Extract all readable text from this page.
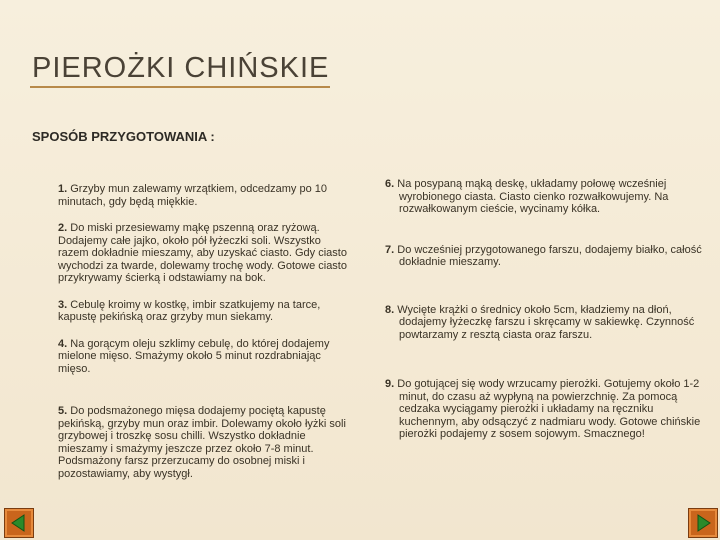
PIEROŻKI CHIŃSKIE
SPOSÓB PRZYGOTOWANIA :

1. Grzyby mun zalewamy wrzątkiem, odcedzamy po 10 minutach, gdy będą miękkie.

2. Do miski przesiewamy mąkę pszenną oraz ryżową. Dodajemy całe jajko, około pół łyżeczki soli. Wszystko razem dokładnie mieszamy, aby uzyskać ciasto. Gdy ciasto wychodzi za twarde, dolewamy trochę wody. Gotowe ciasto przykrywamy ścierką i odstawiamy na bok.

3. Cebulę kroimy w kostkę, imbir szatkujemy na tarce, kapustę pekińską oraz grzyby mun siekamy.

4. Na gorącym oleju szklimy cebulę, do której dodajemy mielone mięso. Smażymy około 5 minut rozdrabniając mięso.

5. Do podsmażonego mięsa dodajemy pociętą kapustę pekińską, grzyby mun oraz imbir. Dolewamy około łyżki soli grzybowej i troszkę sosu chilli. Wszystko dokładnie mieszamy i smażymy jeszcze przez około 7-8 minut. Podsmażony farsz przerzucamy do osobnej miski i pozostawiamy, aby wystygł.

6. Na posypaną mąką deskę, układamy połowę wcześniej wyrobionego ciasta. Ciasto cienko rozwałkowujemy. Na rozwałkowanym cieście, wycinamy kółka.

7. Do wcześniej przygotowanego farszu, dodajemy białko, całość dokładnie mieszamy.

8. Wycięte krążki o średnicy około 5cm, kładziemy na dłoń, dodajemy łyżeczkę farszu i skręcamy w sakiewkę. Czynność powtarzamy z resztą ciasta oraz farszu.

9. Do gotującej się wody wrzucamy pierożki. Gotujemy około 1-2 minut, do czasu aż wypłyną na powierzchnię. Za pomocą cedzaka wyciągamy pierożki i układamy na ręczniku kuchennym, aby odsączyć z nadmiaru wody. Gotowe chińskie pierożki podajemy z sosem sojowym. Smacznego!
